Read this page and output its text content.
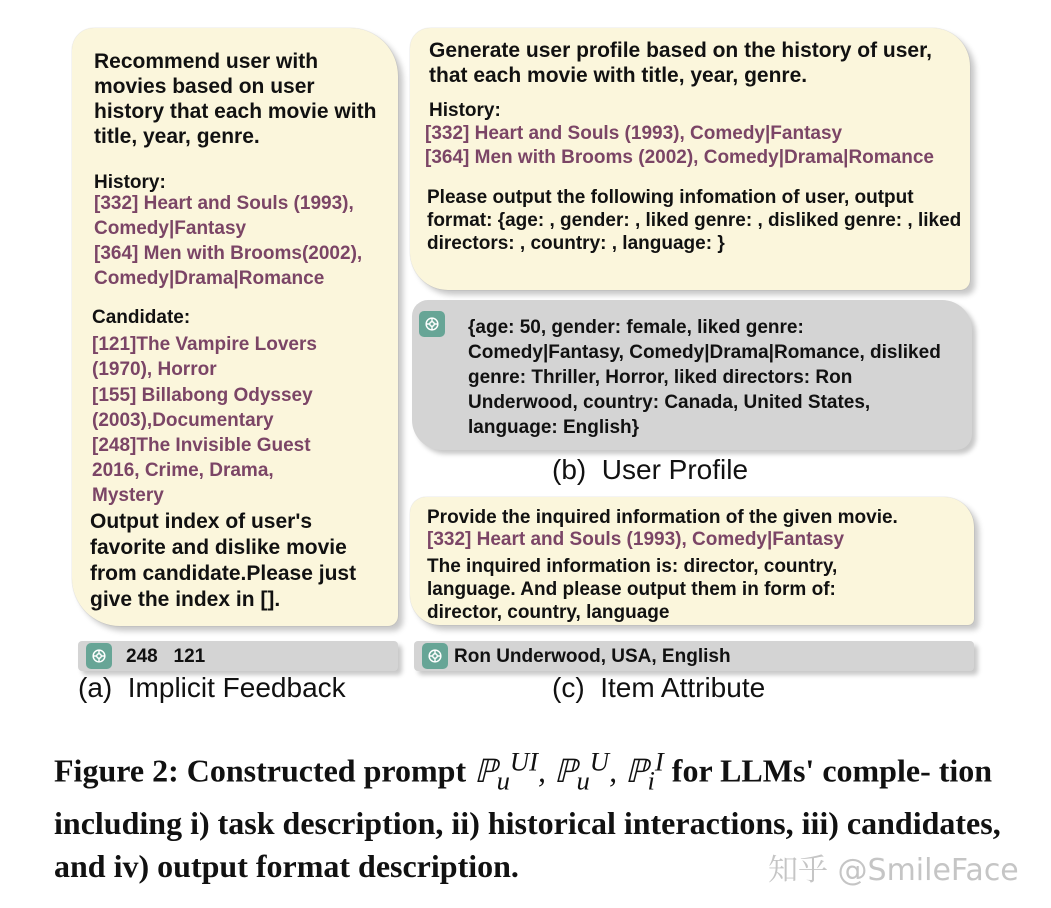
Recommend user with movies based on user history that each movie with title, year, genre.
History:
[332] Heart and Souls (1993), Comedy|Fantasy
[364] Men with Brooms(2002), Comedy|Drama|Romance
Candidate:
[121]The Vampire Lovers (1970), Horror
[155] Billabong Odyssey (2003),Documentary
[248]The Invisible Guest 2016, Crime, Drama, Mystery
Output index of user's favorite and dislike movie from candidate.Please just give the index in [].
248   121
(a)  Implicit Feedback
Generate user profile based on the history of user, that each movie with title, year, genre.
History:
[332] Heart and Souls (1993), Comedy|Fantasy
[364] Men with Brooms (2002), Comedy|Drama|Romance
Please output the following infomation of user, output format: {age: , gender: , liked genre: , disliked genre: , liked directors: , country: , language: }
{age: 50, gender: female, liked genre: Comedy|Fantasy, Comedy|Drama|Romance, disliked genre: Thriller, Horror, liked directors: Ron Underwood, country: Canada, United States, language: English}
(b)  User Profile
Provide the inquired information of the given movie.
[332] Heart and Souls (1993), Comedy|Fantasy
The inquired information is: director, country, language. And please output them in form of: director, country, language
Ron Underwood, USA, English
(c)  Item Attribute
Figure 2: Constructed prompt ℙ$_u^{UI}$, ℙ$_u^U$, ℙ$_i^I$ for LLMs' comple- tion including i) task description, ii) historical interactions, iii) candidates, and iv) output format description.	知乎 @SmileFace
